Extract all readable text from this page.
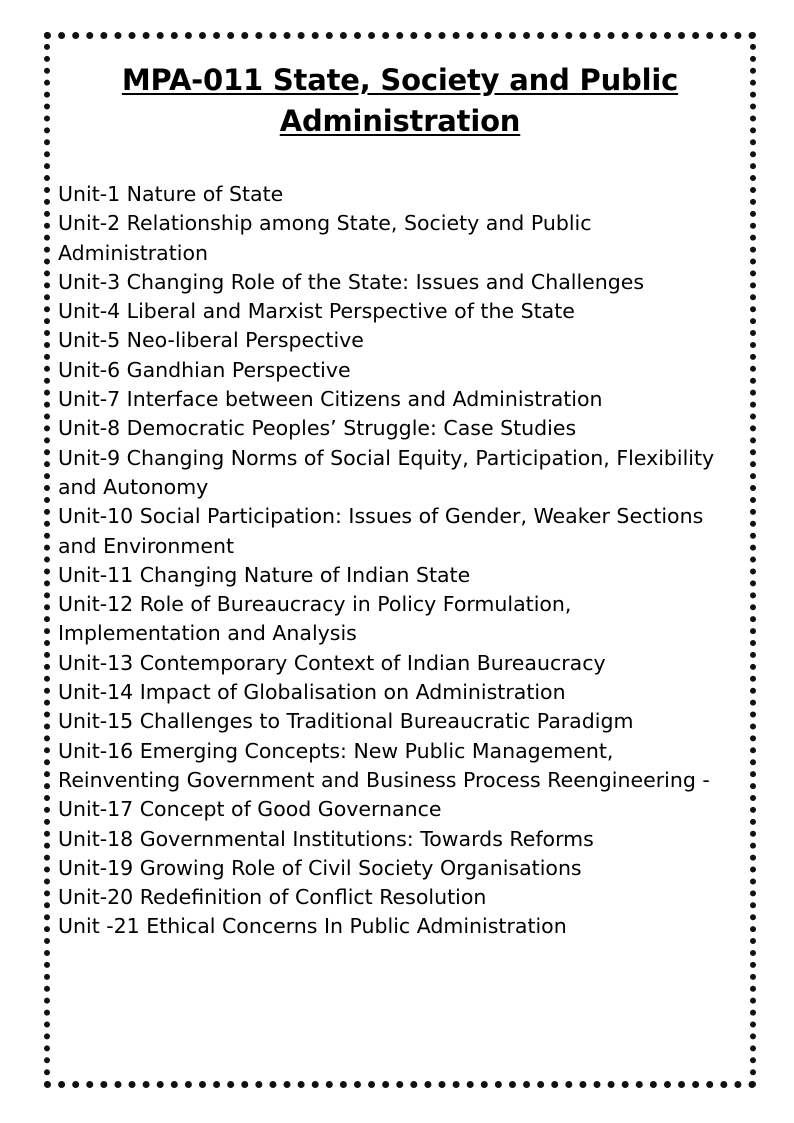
MPA-011 State, Society and Public Administration
Unit-1 Nature of State
Unit-2 Relationship among State, Society and Public Administration
Unit-3 Changing Role of the State: Issues and Challenges
Unit-4 Liberal and Marxist Perspective of the State
Unit-5 Neo-liberal Perspective
Unit-6 Gandhian Perspective
Unit-7 Interface between Citizens and Administration
Unit-8 Democratic Peoples’ Struggle: Case Studies
Unit-9 Changing Norms of Social Equity, Participation, Flexibility and Autonomy
Unit-10 Social Participation: Issues of Gender, Weaker Sections and Environment
Unit-11 Changing Nature of Indian State
Unit-12 Role of Bureaucracy in Policy Formulation, Implementation and Analysis
Unit-13 Contemporary Context of Indian Bureaucracy
Unit-14 Impact of Globalisation on Administration
Unit-15 Challenges to Traditional Bureaucratic Paradigm
Unit-16 Emerging Concepts: New Public Management, Reinventing Government and Business Process Reengineering -
Unit-17 Concept of Good Governance
Unit-18 Governmental Institutions: Towards Reforms
Unit-19 Growing Role of Civil Society Organisations
Unit-20 Redefinition of Conflict Resolution
Unit -21 Ethical Concerns In Public Administration
